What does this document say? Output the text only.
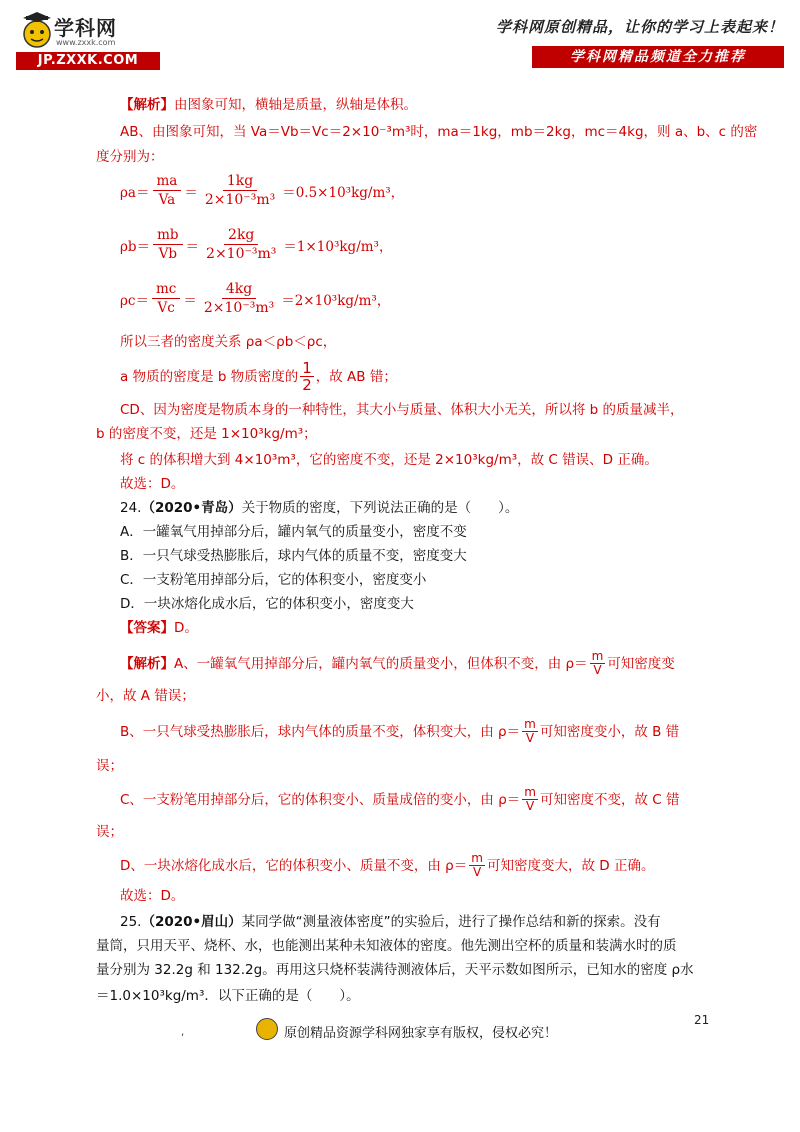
学科网
www.zxxk.com
JP.ZXXK.COM
学科网原创精品，让你的学习上表起来！
学科网精品频道全力推荐
【解析】由图象可知，横轴是质量，纵轴是体积。
AB、由图象可知，当 Va＝Vb＝Vc＝2×10⁻³m³时，ma＝1kg，mb＝2kg，mc＝4kg，则 a、b、c 的密
度分别为：
$\rho a= \frac{ma}{Va} = \frac{1kg}{\text{2×10⁻³m³}} =0.5\times 10^3kg/m^3$，
$\rho b= \frac{mb}{Vb} = \frac{2kg}{\text{2×10⁻³m³}} =1\times 10^3kg/m^3$，
$\rho c= \frac{mc}{Vc} = \frac{4kg}{\text{2×10⁻³m³}} =2\times 10^3kg/m^3$，
所以三者的密度关系 ρa＜ρb＜ρc，
a 物质的密度是 b 物质密度的 $\frac{1}{2}$ ，故 AB 错；
CD、因为密度是物质本身的一种特性，其大小与质量、体积大小无关，所以将 b 的质量减半，
b 的密度不变，还是 1×10³kg/m³；
将 c 的体积增大到 4×10³m³，它的密度不变，还是 2×10³kg/m³，故 C 错误、D 正确。
故选：D。
24.（2020•青岛）关于物质的密度，下列说法正确的是（　　）。
A．一罐氧气用掉部分后，罐内氧气的质量变小，密度不变
B．一只气球受热膨胀后，球内气体的质量不变，密度变大
C．一支粉笔用掉部分后，它的体积变小，密度变小
D．一块冰熔化成水后，它的体积变小，密度变大
【答案】D。
【解析】 A、一罐氧气用掉部分后，罐内氧气的质量变小，但体积不变，由 $\rho= \frac{m}{V}$ 可知密度变
小，故 A 错误；
B、一只气球受热膨胀后，球内气体的质量不变，体积变大，由 $\rho= \frac{m}{V}$ 可知密度变小，故 B 错
误；
C、一支粉笔用掉部分后，它的体积变小、质量成倍的变小，由 $\rho= \frac{m}{V}$ 可知密度不变，故 C 错
误；
D、一块冰熔化成水后，它的体积变小、质量不变，由 $\rho= \frac{m}{V}$ 可知密度变大，故 D 正确。
故选：D。
25.（2020•眉山）某同学做“测量液体密度”的实验后，进行了操作总结和新的探索。没有
量筒，只用天平、烧杯、水，也能测出某种未知液体的密度。他先测出空杯的质量和装满水时的质
量分别为 32.2g 和 132.2g。再用这只烧杯装满待测液体后，天平示数如图所示，已知水的密度 ρ水
＝1.0×10³kg/m³．以下正确的是（　　）。
21
,	原创精品资源学科网独家享有版权，侵权必究！
